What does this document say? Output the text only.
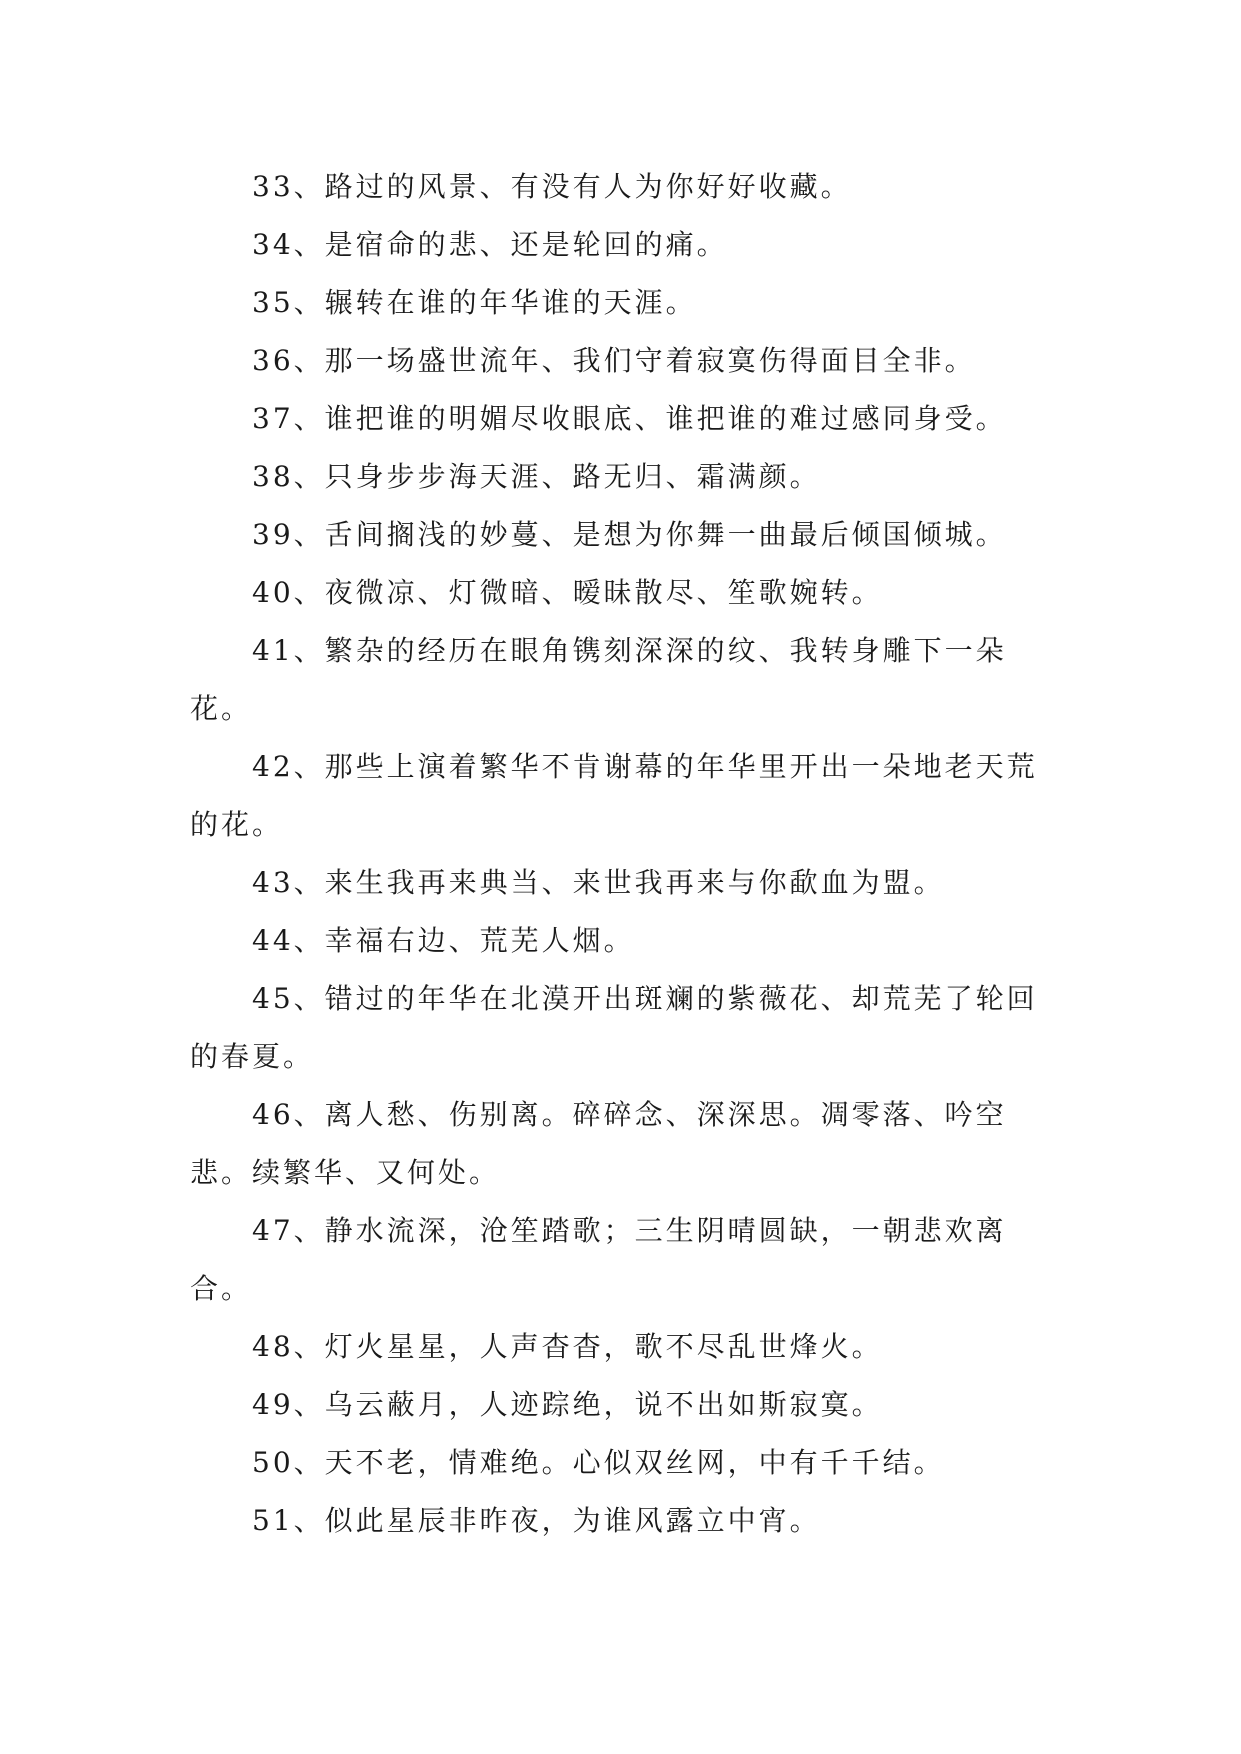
33、路过的风景、有没有人为你好好收藏。

34、是宿命的悲、还是轮回的痛。

35、辗转在谁的年华谁的天涯。

36、那一场盛世流年、我们守着寂寞伤得面目全非。

37、谁把谁的明媚尽收眼底、谁把谁的难过感同身受。

38、只身步步海天涯、路无归、霜满颜。

39、舌间搁浅的妙蔓、是想为你舞一曲最后倾国倾城。

40、夜微凉、灯微暗、暧昧散尽、笙歌婉转。

41、繁杂的经历在眼角镌刻深深的纹、我转身雕下一朵花。

42、那些上演着繁华不肯谢幕的年华里开出一朵地老天荒的花。

43、来生我再来典当、来世我再来与你歃血为盟。

44、幸福右边、荒芜人烟。

45、错过的年华在北漠开出斑斓的紫薇花、却荒芜了轮回的春夏。

46、离人愁、伤别离。碎碎念、深深思。凋零落、吟空悲。续繁华、又何处。

47、静水流深，沧笙踏歌；三生阴晴圆缺，一朝悲欢离合。

48、灯火星星，人声杳杳，歌不尽乱世烽火。

49、乌云蔽月，人迹踪绝，说不出如斯寂寞。

50、天不老，情难绝。心似双丝网，中有千千结。

51、似此星辰非昨夜，为谁风露立中宵。
